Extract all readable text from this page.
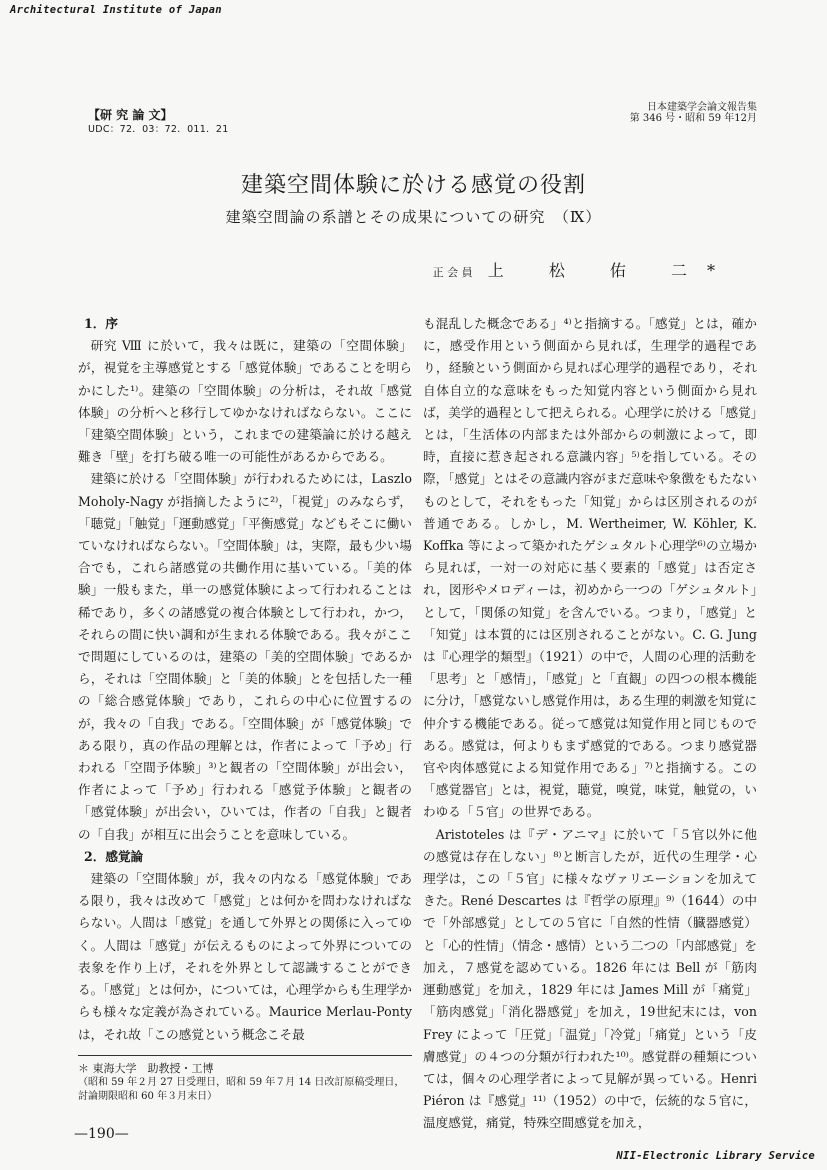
Architectural Institute of Japan
【研 究 論 文】
UDC：72．03：72．011．21
日本建築学会論文報告集
第 346 号・昭和 59 年12月
建築空間体験に於ける感覚の役割
建築空間論の系譜とその成果についての研究　（Ⅸ）
正 会 員 上 松 佑 二*
1．序

研究 Ⅷ に於いて，我々は既に，建築の「空間体験」が，視覚を主導感覚とする「感覚体験」であることを明らかにした¹⁾。建築の「空間体験」の分析は，それ故「感覚体験」の分析へと移行してゆかなければならない。ここに「建築空間体験」という，これまでの建築論に於ける越え難き「壁」を打ち破る唯一の可能性があるからである。

建築に於ける「空間体験」が行われるためには，Laszlo Moholy-Nagy が指摘したように²⁾，「視覚」のみならず，「聴覚」「触覚」「運動感覚」「平衡感覚」などもそこに働いていなければならない。「空間体験」は，実際，最も少い場合でも，これら諸感覚の共働作用に基いている。「美的体験」一般もまた，単一の感覚体験によって行われることは稀であり，多くの諸感覚の複合体験として行われ，かつ，それらの間に快い調和が生まれる体験である。我々がここで問題にしているのは，建築の「美的空間体験」であるから，それは「空間体験」と「美的体験」とを包括した一種の「総合感覚体験」であり，これらの中心に位置するのが，我々の「自我」である。「空間体験」が「感覚体験」である限り，真の作品の理解とは，作者によって「予め」行われる「空間予体験」³⁾と観者の「空間体験」が出会い，作者によって「予め」行われる「感覚予体験」と観者の「感覚体験」が出会い，ひいては，作者の「自我」と観者の「自我」が相互に出会うことを意味している。

2．感覚論

建築の「空間体験」が，我々の内なる「感覚体験」である限り，我々は改めて「感覚」とは何かを問わなければならない。人間は「感覚」を通して外界との関係に入ってゆく。人間は「感覚」が伝えるものによって外界についての表象を作り上げ，それを外界として認識することができる。「感覚」とは何か，については，心理学からも生理学からも様々な定義が為されている。Maurice Merlau-Ponty は，それ故「この感覚という概念こそ最

も混乱した概念である」⁴⁾と指摘する。「感覚」とは，確かに，感受作用という側面から見れば，生理学的過程であり，経験という側面から見れば心理学的過程であり，それ自体自立的な意味をもった知覚内容という側面から見れば，美学的過程として把えられる。心理学に於ける「感覚」とは，「生活体の内部または外部からの刺激によって，即時，直接に惹き起される意識内容」⁵⁾を指している。その際，「感覚」とはその意識内容がまだ意味や象徴をもたないものとして，それをもった「知覚」からは区別されるのが普通である。しかし，M. Wertheimer, W. Köhler, K. Koffka 等によって築かれたゲシュタルト心理学⁶⁾の立場から見れば，一対一の対応に基く要素的「感覚」は否定され，図形やメロディーは，初めから一つの「ゲシュタルト」として，「関係の知覚」を含んでいる。つまり，「感覚」と「知覚」は本質的には区別されることがない。C. G. Jung は『心理学的類型』（1921）の中で，人間の心理的活動を「思考」と「感情」，「感覚」と「直観」の四つの根本機能に分け，「感覚ないし感覚作用は，ある生理的刺激を知覚に仲介する機能である。従って感覚は知覚作用と同じものである。感覚は，何よりもまず感覚的である。つまり感覚器官や肉体感覚による知覚作用である」⁷⁾と指摘する。この「感覚器官」とは，視覚，聴覚，嗅覚，味覚，触覚の，いわゆる「５官」の世界である。

Aristoteles は『デ・アニマ』に於いて「５官以外に他の感覚は存在しない」⁸⁾と断言したが，近代の生理学・心理学は，この「５官」に様々なヴァリエーションを加えてきた。René Descartes は『哲学の原理』⁹⁾（1644）の中で「外部感覚」としての５官に「自然的性情（臓器感覚）と「心的性情」（情念・感情）という二つの「内部感覚」を加え，７感覚を認めている。1826 年には Bell が「筋肉運動感覚」を加え，1829 年には James Mill が「痛覚」「筋肉感覚」「消化器感覚」を加え，19世紀末には，von Frey によって「圧覚」「温覚」「冷覚」「痛覚」という「皮膚感覚」の４つの分類が行われた¹⁰⁾。感覚群の種類については，個々の心理学者によって見解が異っている。Henri Piéron は『感覚』¹¹⁾（1952）の中で，伝統的な５官に，温度感覚，痛覚，特殊空間感覚を加え，

＊ 東海大学　助教授・工博
（昭和 59 年２月 27 日受理日，昭和 59 年７月 14 日改訂原稿受理日，
討論期限昭和 60 年３月末日）
—190—
NII-Electronic Library Service
